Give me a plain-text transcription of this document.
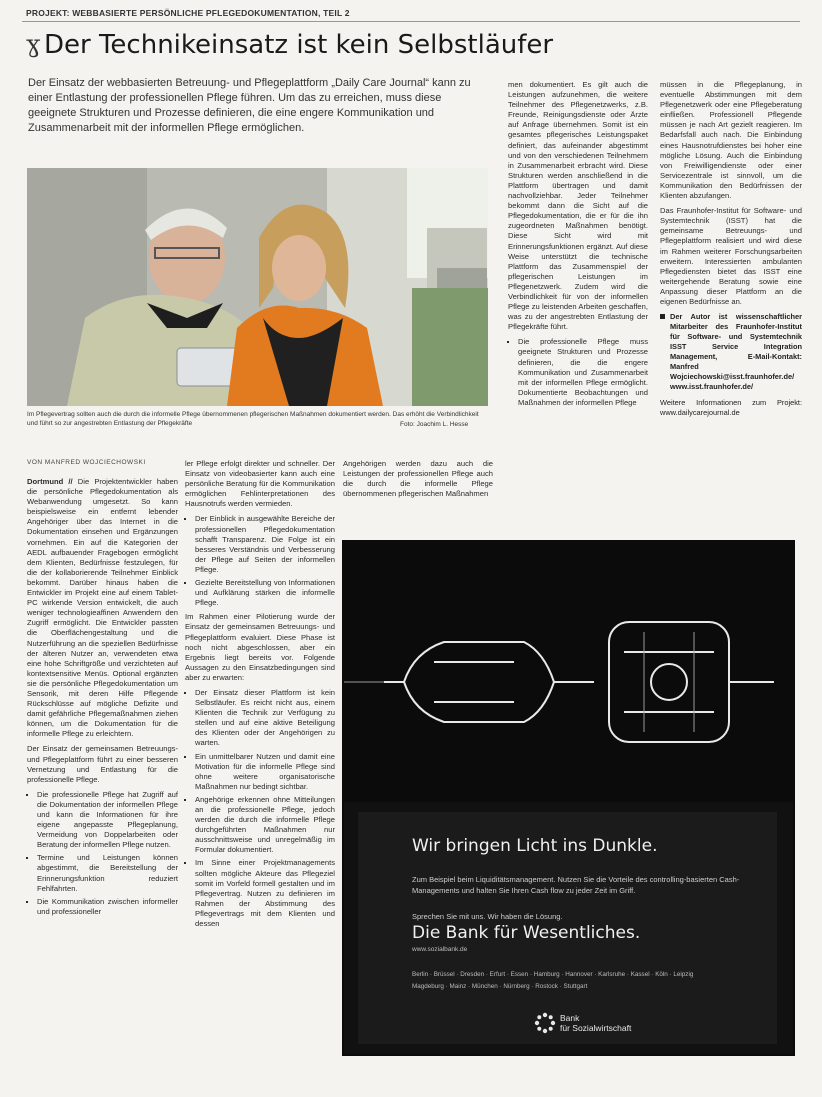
PROJEKT: WEBBASIERTE PERSÖNLICHE PFLEGEDOKUMENTATION, TEIL 2
ɣ Der Technikeinsatz ist kein Selbstläufer
Der Einsatz der webbasierten Betreuung- und Pflegeplattform „Daily Care Journal“ kann zu einer Entlastung der professionellen Pflege führen. Um das zu erreichen, muss diese geeignete Strukturen und Prozesse definieren, die eine engere Kommunikation und Zusammenarbeit mit der informellen Pflege ermöglichen.
Im Pflegevertrag sollten auch die durch die informelle Pflege übernommenen pflegerischen Maßnahmen dokumentiert werden. Das erhöht die Verbindlichkeit und führt so zur angestrebten Entlastung der Pflegekräfte	Foto: Joachim L. Hesse
VON MANFRED WOJCIECHOWSKI

Dortmund // Die Projektentwickler haben die persönliche Pflegedokumentation als Webanwendung umgesetzt. So kann beispielsweise ein entfernt lebender Angehöriger über das Internet in die Dokumentation einsehen und Ergänzungen vornehmen. Ein auf die Kategorien der AEDL aufbauender Fragebogen ermöglicht dem Klienten, Bedürfnisse festzulegen, für die der kollaborierende Teilnehmer Einblick bekommt. Darüber hinaus haben die Entwickler im Projekt eine auf einem Tablet-PC wirkende Version entwickelt, die auch weniger technologieaffinen Anwendern den Zugriff ermöglicht. Die Entwickler passten die Oberflächengestaltung und die Nutzerführung an die speziellen Bedürfnisse der älteren Nutzer an, verwendeten etwa eine hohe Schriftgröße und verzichteten auf kontextsensitive Menüs. Optional ergänzten sie die persönliche Pflegedokumentation um Sensorik, mit deren Hilfe Pflegende Rückschlüsse auf mögliche Defizite und damit gefährliche Pflegemaßnahmen ziehen können, um die Dokumentation für die informelle Pflege zu erleichtern.

Der Einsatz der gemeinsamen Betreuungs- und Pflegeplattform führt zu einer besseren Vernetzung und Entlastung für die professionelle Pflege.

▪ Die professionelle Pflege hat Zugriff auf die Dokumentation der informellen Pflege und kann die Informationen für ihre eigene angepasste Pflegeplanung, Vermeidung von Doppelarbeiten oder Beratung der informellen Pflege nutzen.
▪ Termine und Leistungen können abgestimmt, die Bereitstellung der Erinnerungsfunktion reduziert Fehlfahrten.
▪ Die Kommunikation zwischen informeller und professioneller

ler Pflege erfolgt direkter und schneller. Der Einsatz von videobasierter kann auch eine persönliche Beratung für die Kommunikation ermöglichen Fehlinterpretationen des Hausnotrufs werden vermieden.

▪ Der Einblick in ausgewählte Bereiche der professionellen Pflegedokumentation schafft Transparenz. Die Folge ist ein besseres Verständnis und Verbesserung der Pflege auf Seiten der informellen Pflege.
▪ Gezielte Bereitstellung von Informationen und Aufklärung stärken die informelle Pflege.

Im Rahmen einer Pilotierung wurde der Einsatz der gemeinsamen Betreuungs- und Pflegeplattform evaluiert. Diese Phase ist noch nicht abgeschlossen, aber ein Ergebnis liegt bereits vor. Folgende Aussagen zu den Einsatzbedingungen sind aber zu erwarten:

▪ Der Einsatz dieser Plattform ist kein Selbstläufer. Es reicht nicht aus, einem Klienten die Technik zur Verfügung zu stellen und auf eine aktive Beteiligung des Klienten oder der Angehörigen zu warten.
▪ Ein unmittelbarer Nutzen und damit eine Motivation für die informelle Pflege sind ohne weitere organisatorische Maßnahmen nur bedingt sichtbar.
▪ Angehörige erkennen ohne Mitteilungen an die professionelle Pflege, jedoch werden die durch die informelle Pflege durchgeführten Maßnahmen nur ausschnittsweise und unregelmäßig im Formular dokumentiert.
▪ Im Sinne einer Projektmanagements sollten mögliche Akteure das Pflegeziel somit im Vorfeld formell gestalten und im Pflegevertrag. Nutzen zu definieren im Rahmen der Abstimmung des Pflegevertrags mit dem Klienten und dessen

Angehörigen werden dazu auch die Leistungen der professionellen Pflege auch die durch die informelle Pflege übernommenen pflegerischen Maßnahmen

men dokumentiert. Es gilt auch die Leistungen aufzunehmen, die weitere Teilnehmer des Pflegenetzwerks, z.B. Freunde, Reinigungsdienste oder Ärzte auf Anfrage übernehmen. Somit ist ein gesamtes pflegerisches Leistungspaket definiert, das aufeinander abgestimmt und von den verschiedenen Teilnehmern in Zusammenarbeit erbracht wird. Diese Strukturen werden anschließend in die Plattform übertragen und damit nachvollziehbar. Jeder Teilnehmer bekommt dann die Sicht auf die Pflegedokumentation, die er für die ihn zugeordneten Maßnahmen benötigt. Diese Sicht wird mit Erinnerungsfunktionen ergänzt. Auf diese Weise unterstützt die technische Plattform das Zusammenspiel der pflegerischen Leistungen im Pflegenetzwerk. Zudem wird die Verbindlichkeit für von der informellen Pflege zu leistenden Arbeiten geschaffen, was zu der angestrebten Entlastung der Pflegekräfte führt.

▪ Die professionelle Pflege muss geeignete Strukturen und Prozesse definieren, die die engere Kommunikation und Zusammenarbeit mit der informellen Pflege ermöglicht. Dokumentierte Beobachtungen und Maßnahmen der informellen Pflege

müssen in die Pflegeplanung, in eventuelle Abstimmungen mit dem Pflegenetzwerk oder eine Pflegeberatung einfließen. Professionell Pflegende müssen je nach Art gezielt reagieren. Im Bedarfsfall auch nach. Die Einbindung eines Hausnotrufdienstes bei hoher eine mögliche Lösung. Auch die Einbindung von Freiwilligendienste oder einer Servicezentrale ist sinnvoll, um die Kommunikation den Bedürfnissen der Klienten abzufangen.

Das Fraunhofer-Institut für Software- und Systemtechnik (ISST) hat die gemeinsame Betreuungs- und Pflegeplattform realisiert und wird diese im Rahmen weiterer Forschungsarbeiten erweitern. Interessierten ambulanten Pflegediensten bietet das ISST eine weitergehende Beratung sowie eine Anpassung dieser Plattform an die eigenen Bedürfnisse an.

Der Autor ist wissenschaftlicher Mitarbeiter des Fraunhofer-Institut für Software- und Systemtechnik ISST Service Integration Management, E-Mail-Kontakt: Manfred Wojciechowski@isst.fraunhofer.de/ www.isst.fraunhofer.de/
Weitere Informationen zum Projekt: www.dailycarejournal.de
Wir bringen Licht ins Dunkle.
Zum Beispiel beim Liquiditätsmanagement. Nutzen Sie die Vorteile des controlling-basierten Cash-Managements und halten Sie Ihren Cash flow zu jeder Zeit im Griff.
Sprechen Sie mit uns. Wir haben die Lösung.
Die Bank für Wesentliches.
www.sozialbank.de
Berlin · Brüssel · Dresden · Erfurt · Essen · Hamburg · Hannover · Karlsruhe · Kassel · Köln · Leipzig
Magdeburg · Mainz · München · Nürnberg · Rostock · Stuttgart
Bank
für Sozialwirtschaft
